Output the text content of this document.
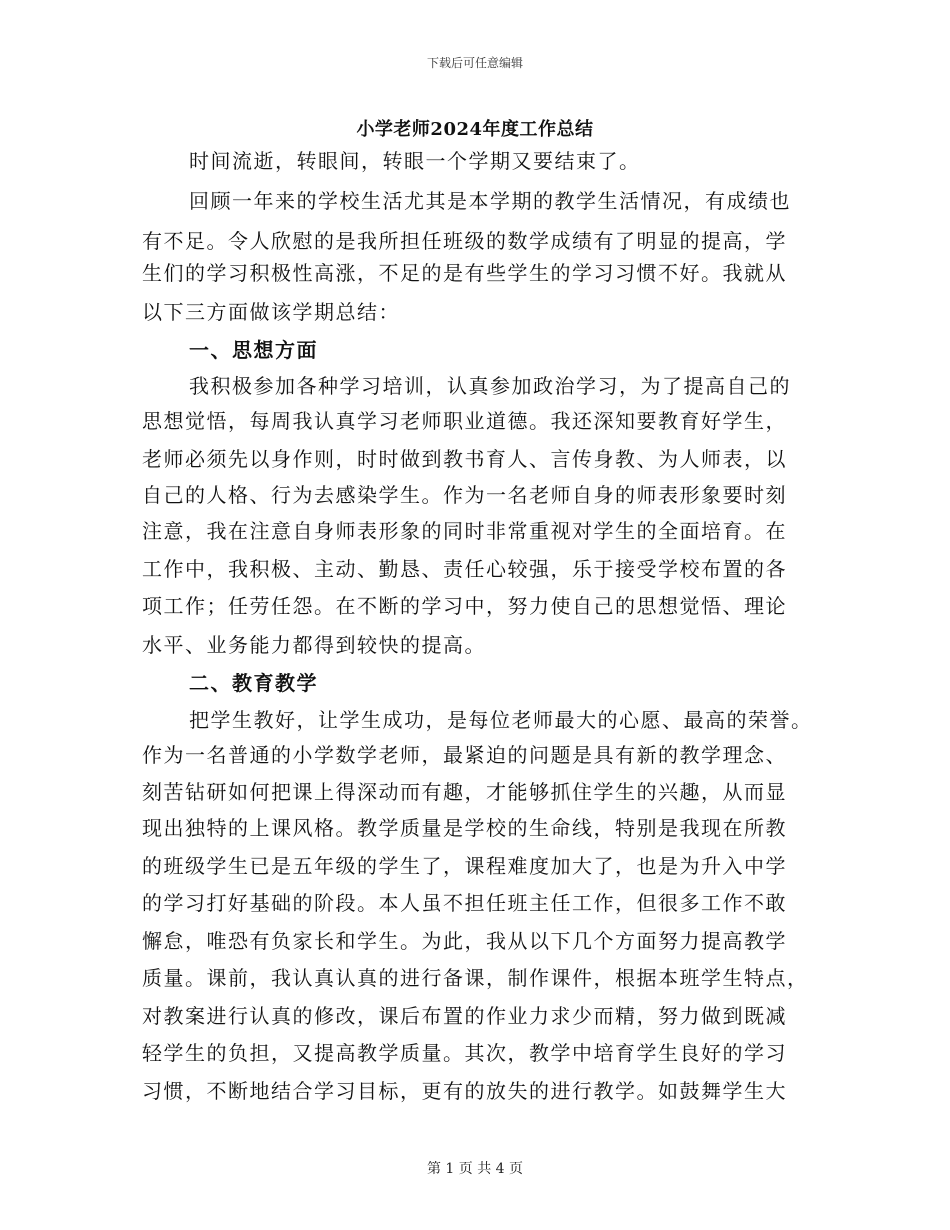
下载后可任意编辑
小学老师2024年度工作总结
时间流逝，转眼间，转眼一个学期又要结束了。
回顾一年来的学校生活尤其是本学期的教学生活情况，有成绩也
有不足。令人欣慰的是我所担任班级的数学成绩有了明显的提高，学
生们的学习积极性高涨，不足的是有些学生的学习习惯不好。我就从
以下三方面做该学期总结：
一、思想方面
我积极参加各种学习培训，认真参加政治学习，为了提高自己的
思想觉悟，每周我认真学习老师职业道德。我还深知要教育好学生，
老师必须先以身作则，时时做到教书育人、言传身教、为人师表，以
自己的人格、行为去感染学生。作为一名老师自身的师表形象要时刻
注意，我在注意自身师表形象的同时非常重视对学生的全面培育。在
工作中，我积极、主动、勤恳、责任心较强，乐于接受学校布置的各
项工作；任劳任怨。在不断的学习中，努力使自己的思想觉悟、理论
水平、业务能力都得到较快的提高。
二、教育教学
把学生教好，让学生成功，是每位老师最大的心愿、最高的荣誉。
作为一名普通的小学数学老师，最紧迫的问题是具有新的教学理念、
刻苦钻研如何把课上得深动而有趣，才能够抓住学生的兴趣，从而显
现出独特的上课风格。教学质量是学校的生命线，特别是我现在所教
的班级学生已是五年级的学生了，课程难度加大了，也是为升入中学
的学习打好基础的阶段。本人虽不担任班主任工作，但很多工作不敢
懈怠，唯恐有负家长和学生。为此，我从以下几个方面努力提高教学
质量。课前，我认真认真的进行备课，制作课件，根据本班学生特点，
对教案进行认真的修改，课后布置的作业力求少而精，努力做到既减
轻学生的负担，又提高教学质量。其次，教学中培育学生良好的学习
习惯，不断地结合学习目标，更有的放失的进行教学。如鼓舞学生大
第 1 页 共 4 页
